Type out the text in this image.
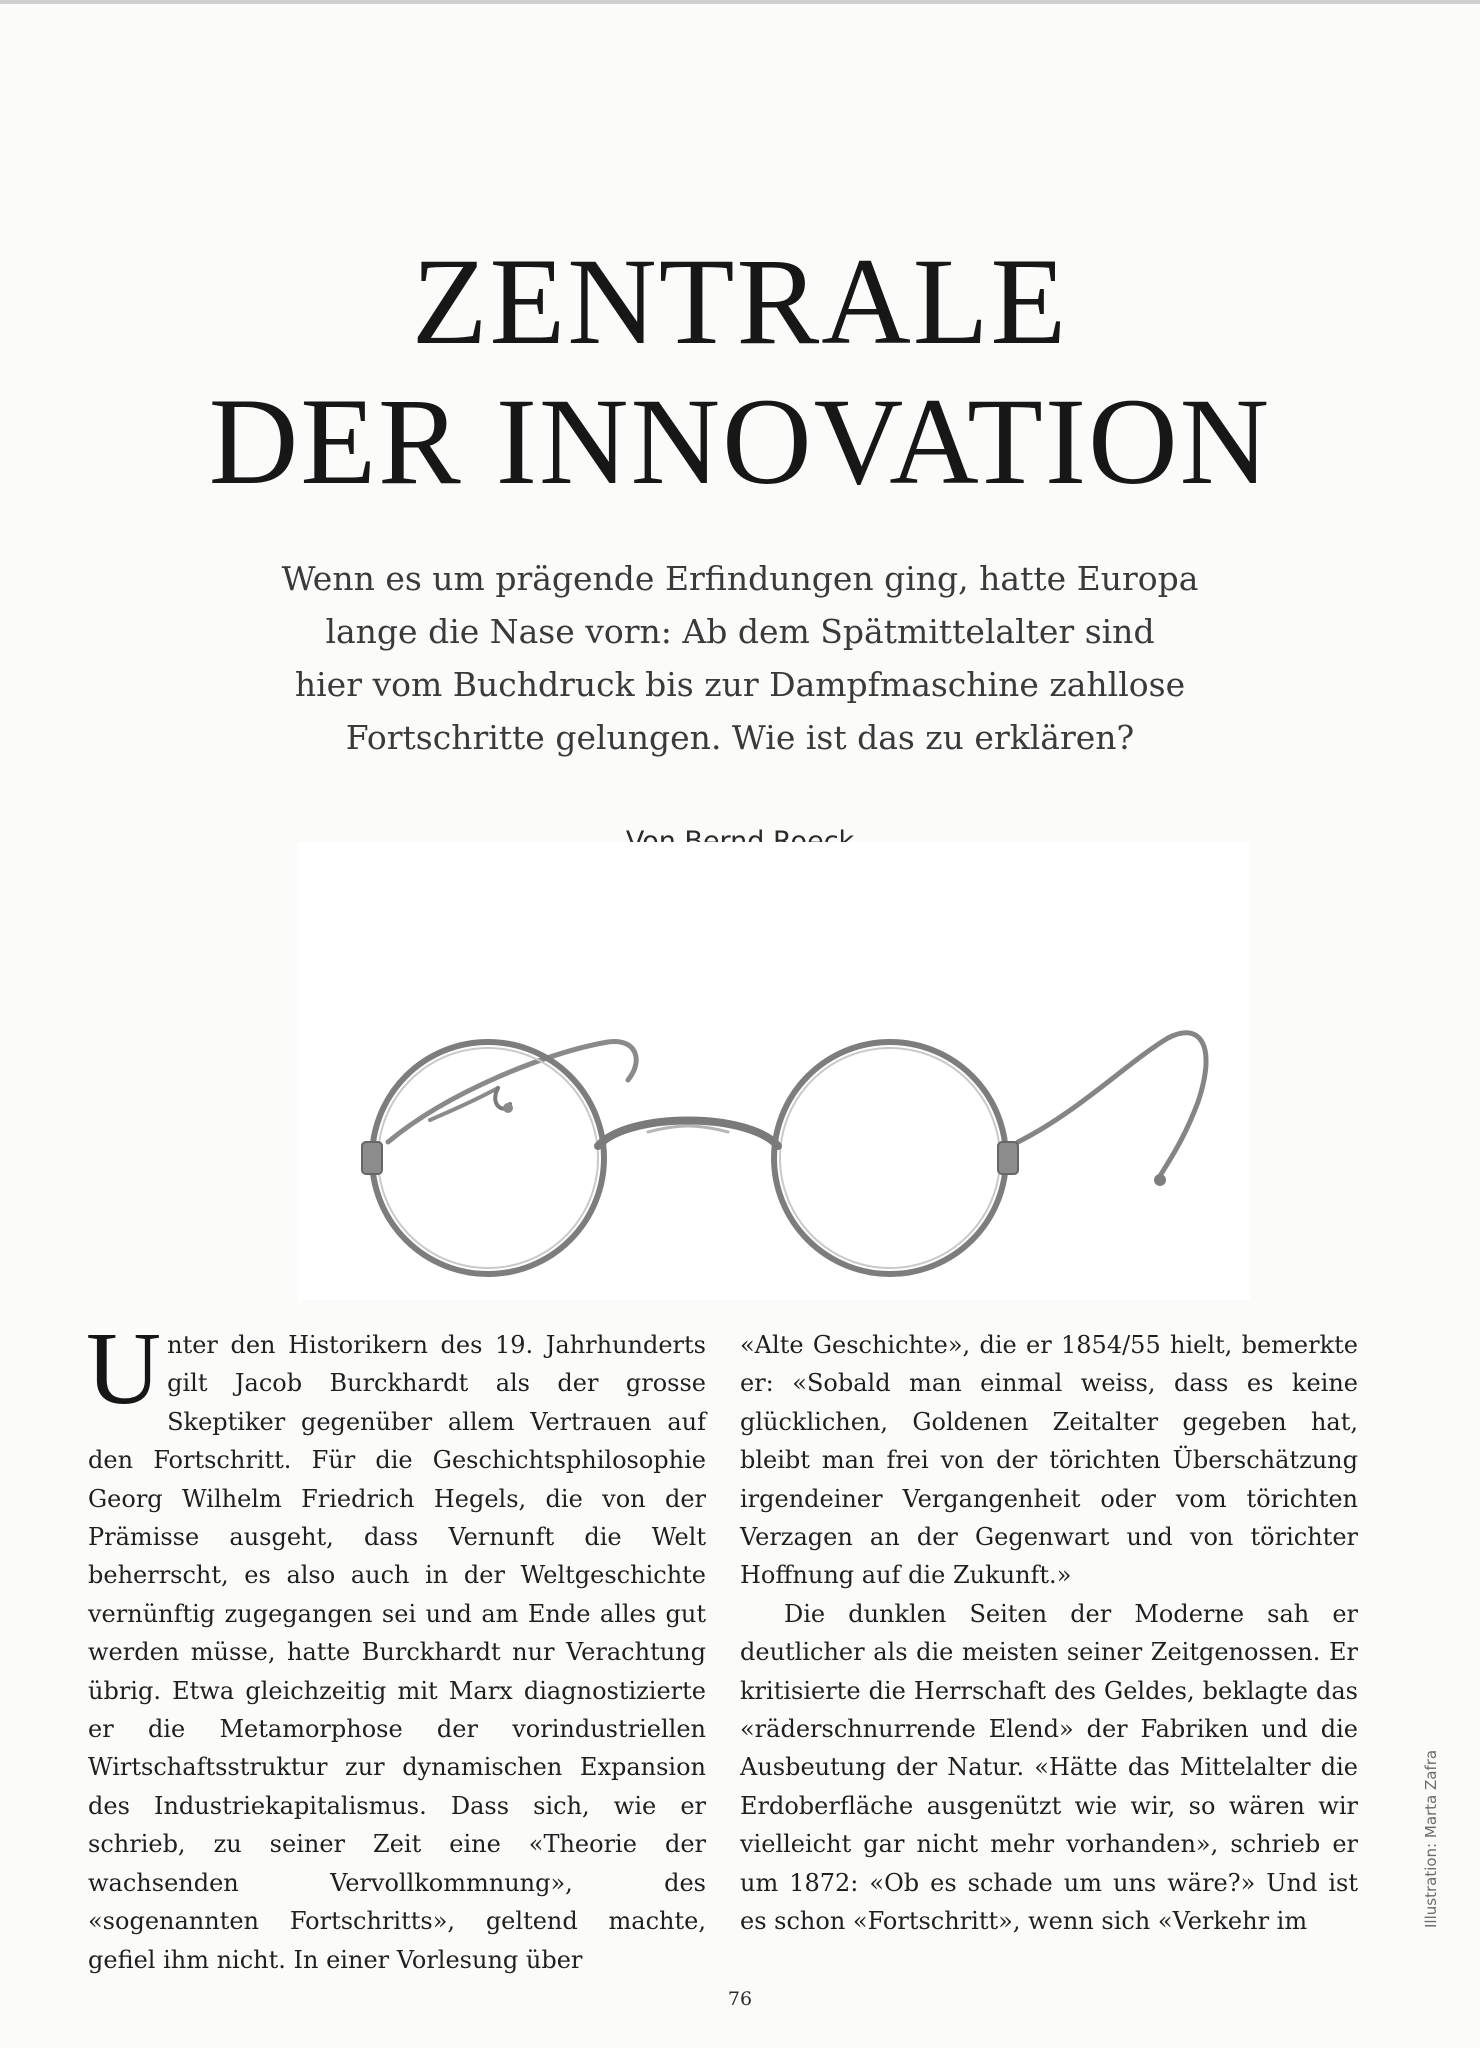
ZENTRALE
DER INNOVATION
Wenn es um prägende Erfindungen ging, hatte Europa
lange die Nase vorn: Ab dem Spätmittelalter sind
hier vom Buchdruck bis zur Dampfmaschine zahllose
Fortschritte gelungen. Wie ist das zu erklären?

Unter den Historikern des 19. Jahrhunderts gilt Jacob Burckhardt als der grosse Skeptiker gegenüber allem Vertrauen auf den Fortschritt. Für die Geschichtsphilosophie Georg Wilhelm Friedrich Hegels, die von der Prämisse ausgeht, dass Vernunft die Welt beherrscht, es also auch in der Weltgeschichte vernünftig zugegangen sei und am Ende alles gut werden müsse, hatte Burckhardt nur Verachtung übrig. Etwa gleichzeitig mit Marx diagnostizierte er die Metamorphose der vorindustriellen Wirtschaftsstruktur zur dynamischen Expansion des Industriekapitalismus. Dass sich, wie er schrieb, zu seiner Zeit eine «Theorie der wachsenden Vervollkommnung», des «sogenannten Fortschritts», geltend machte, gefiel ihm nicht. In einer Vorlesung über

«Alte Geschichte», die er 1854/55 hielt, bemerkte er: «Sobald man einmal weiss, dass es keine glücklichen, Goldenen Zeitalter gegeben hat, bleibt man frei von der törichten Überschätzung irgendeiner Vergangenheit oder vom törichten Verzagen an der Gegenwart und von törichter Hoffnung auf die Zukunft.»

Die dunklen Seiten der Moderne sah er deutlicher als die meisten seiner Zeitgenossen. Er kritisierte die Herrschaft des Geldes, beklagte das «räderschnurrende Elend» der Fabriken und die Ausbeutung der Natur. «Hätte das Mittelalter die Erdoberfläche ausgenützt wie wir, so wären wir vielleicht gar nicht mehr vorhanden», schrieb er um 1872: «Ob es schade um uns wäre?» Und ist es schon «Fortschritt», wenn sich «Verkehr im	Illustration: Marta Zafra
76
